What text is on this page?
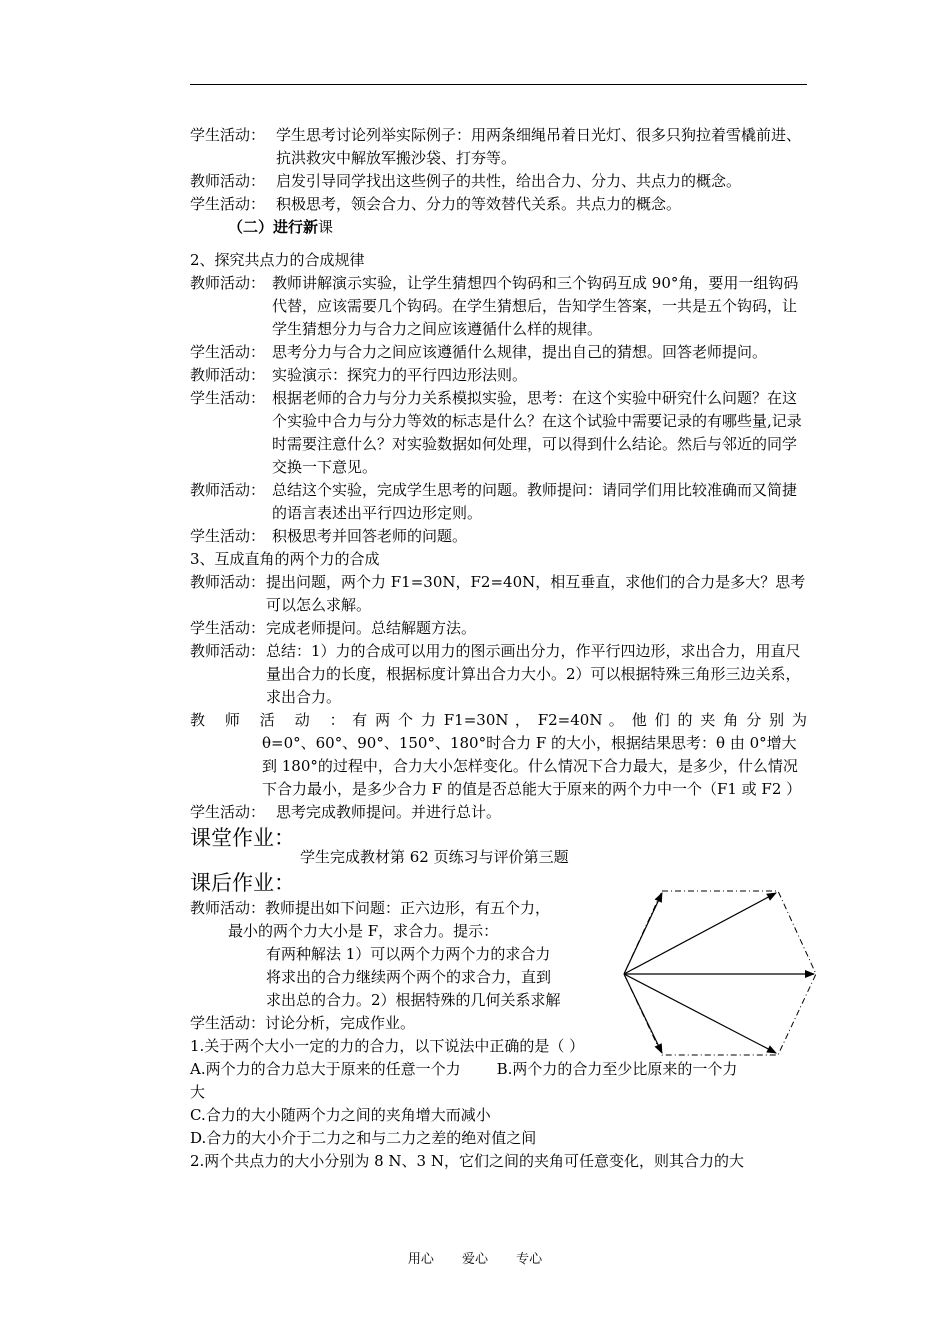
学生活动： 学生思考讨论列举实际例子：用两条细绳吊着日光灯、很多只狗拉着雪橇前进、抗洪救灾中解放军搬沙袋、打夯等。
教师活动： 启发引导同学找出这些例子的共性，给出合力、分力、共点力的概念。
学生活动： 积极思考，领会合力、分力的等效替代关系。共点力的概念。
（二）进行新课
2、探究共点力的合成规律
教师活动： 教师讲解演示实验，让学生猜想四个钩码和三个钩码互成 90°角，要用一组钩码代替，应该需要几个钩码。在学生猜想后，告知学生答案，一共是五个钩码，让学生猜想分力与合力之间应该遵循什么样的规律。
学生活动： 思考分力与合力之间应该遵循什么规律，提出自己的猜想。回答老师提问。
教师活动： 实验演示：探究力的平行四边形法则。
学生活动： 根据老师的合力与分力关系模拟实验，思考：在这个实验中研究什么问题？在这个实验中合力与分力等效的标志是什么？在这个试验中需要记录的有哪些量,记录时需要注意什么？对实验数据如何处理，可以得到什么结论。然后与邻近的同学交换一下意见。
教师活动： 总结这个实验，完成学生思考的问题。教师提问：请同学们用比较准确而又简捷的语言表述出平行四边形定则。
学生活动： 积极思考并回答老师的问题。
3、互成直角的两个力的合成
教师活动： 提出问题，两个力 F1=30N，F2=40N，相互垂直，求他们的合力是多大？思考可以怎么求解。
学生活动： 完成老师提问。总结解题方法。
教师活动： 总结：1）力的合成可以用力的图示画出分力，作平行四边形，求出合力，用直尺量出合力的长度，根据标度计算出合力大小。2）可以根据特殊三角形三边关系，求出合力。
教 师 活 动 ：有 两 个 力 F1=30N ， F2=40N 。 他 们 的 夹 角 分 别 为
θ=0°、60°、90°、150°、180°时合力 F 的大小，根据结果思考：θ 由 0°增大到 180°的过程中，合力大小怎样变化。什么情况下合力最大，是多少，什么情况下合力最小，是多少合力 F 的值是否总能大于原来的两个力中一个（F1 或 F2 ）
学生活动： 思考完成教师提问。并进行总计。
课堂作业：
学生完成教材第 62 页练习与评价第三题
课后作业：
教师活动：教师提出如下问题：正六边形，有五个力，
最小的两个力大小是 F，求合力。提示：
有两种解法 1）可以两个力两个力的求合力
将求出的合力继续两个两个的求合力，直到
求出总的合力。2）根据特殊的几何关系求解
学生活动：讨论分析，完成作业。
1.关于两个大小一定的力的合力，以下说法中正确的是（ ）
A.两个力的合力总大于原来的任意一个力 B.两个力的合力至少比原来的一个力
大
C.合力的大小随两个力之间的夹角增大而减小
D.合力的大小介于二力之和与二力之差的绝对值之间
2.两个共点力的大小分别为 8 N、3 N，它们之间的夹角可任意变化，则其合力的大
用心 爱心 专心
